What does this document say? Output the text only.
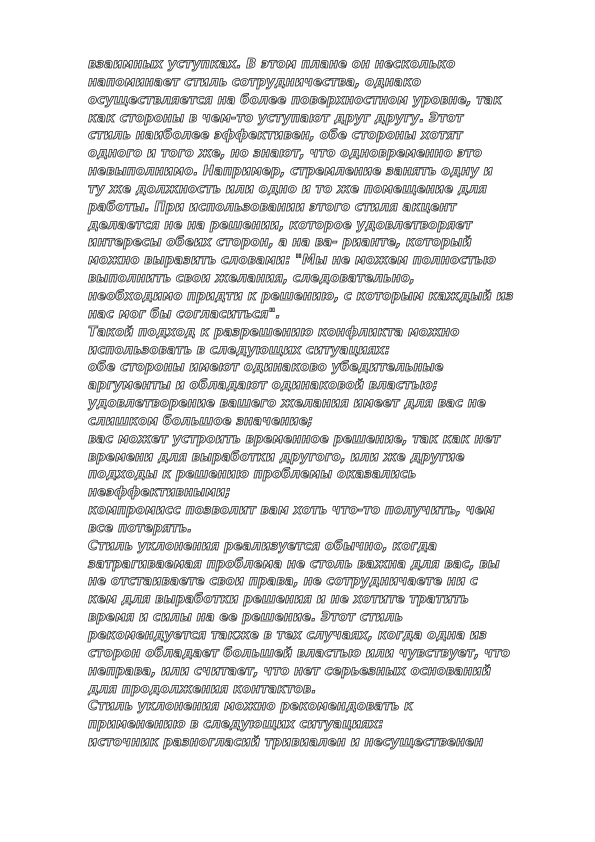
взаимных уступках. В этом плане он несколько
напоминает стиль сотрудничества, однако
осуществляется на более поверхностном уровне, так
как стороны в чем-то уступают друг другу. Этот
стиль наиболее эффективен, обе стороны хотят
одного и того же, но знают, что одновременно это
невыполнимо. Например, стремление занять одну и
ту же должность или одно и то же помещение для
работы. При использовании этого стиля акцент
делается не на решении, которое удовлетворяет
интересы обеих сторон, а на ва- рианте, который
можно выразить словами: "Мы не можем полностью
выполнить свои желания, следовательно,
необходимо придти к решению, с которым каждый из
нас мог бы согласиться".
Такой подход к разрешению конфликта можно
использовать в следующих ситуациях:
обе стороны имеют одинаково убедительные
аргументы и обладают одинаковой властью;
удовлетворение вашего желания имеет для вас не
слишком большое значение;
вас может устроить временное решение, так как нет
времени для выработки другого, или же другие
подходы к решению проблемы оказались
неэффективными;
компромисс позволит вам хоть что-то получить, чем
все потерять.
Стиль уклонения реализуется обычно, когда
затрагиваемая проблема не столь важна для вас, вы
не отстаиваете свои права, не сотрудничаете ни с
кем для выработки решения и не хотите тратить
время и силы на ее решение. Этот стиль
рекомендуется также в тех случаях, когда одна из
сторон обладает большей властью или чувствует, что
неправа, или считает, что нет серьезных оснований
для продолжения контактов.
Стиль уклонения можно рекомендовать к
применению в следующих ситуациях:
источник разногласий тривиален и несущественен
